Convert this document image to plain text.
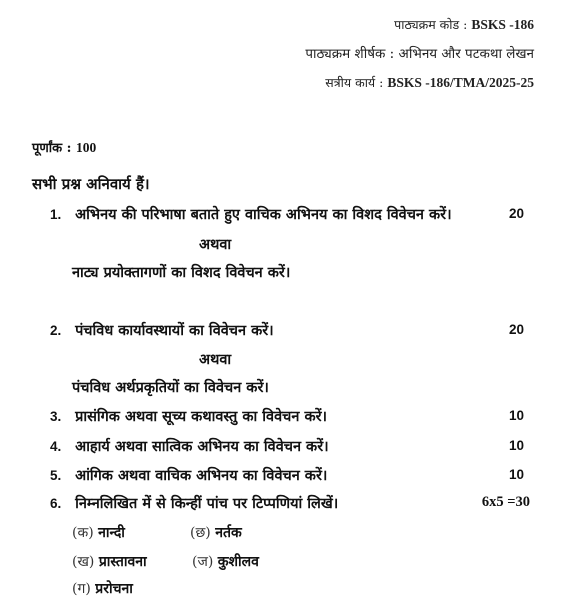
पाठ्यक्रम कोड : BSKS -186
पाठ्यक्रम शीर्षक : अभिनय और पटकथा लेखन
सत्रीय कार्य : BSKS -186/TMA/2025-25
पूर्णांक : 100
सभी प्रश्न अनिवार्य हैं।
1. अभिनय की परिभाषा बताते हुए वाचिक अभिनय का विशद विवेचन करें।	20
अथवा
नाट्य प्रयोक्तागणों का विशद विवेचन करें।
2. पंचविध कार्यावस्थायों का विवेचन करें।	20
अथवा
पंचविध अर्थप्रकृतियों का विवेचन करें।
3. प्रासंगिक अथवा सूच्य कथावस्तु का विवेचन करें।	10
4. आहार्य अथवा सात्विक अभिनय का विवेचन करें।	10
5. आंगिक अथवा वाचिक अभिनय का विवेचन करें।	10
6. निम्नलिखित में से किन्हीं पांच पर टिप्पणियां लिखें।	6x5 =30
(क) नान्दी	(छ) नर्तक
(ख) प्रास्तावना	(ज) कुशीलव
(ग) प्ररोचना
